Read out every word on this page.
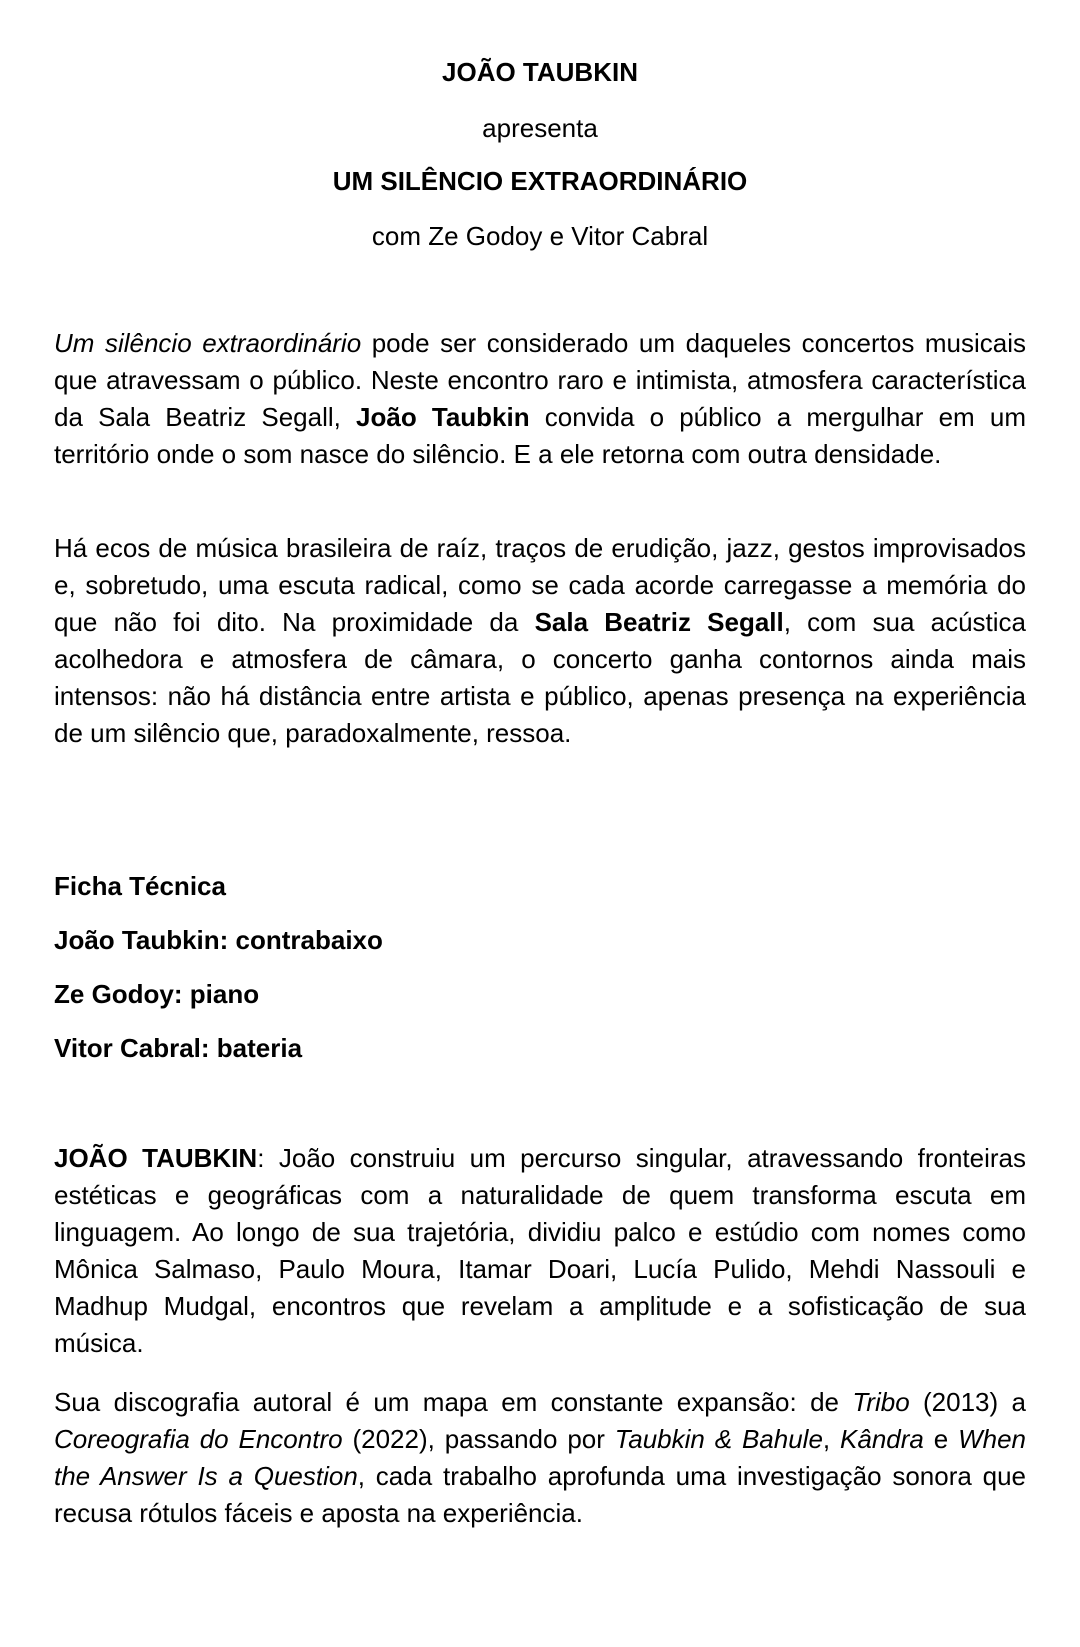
JOÃO TAUBKIN

apresenta

UM SILÊNCIO EXTRAORDINÁRIO

com Ze Godoy e Vitor Cabral

Um silêncio extraordinário pode ser considerado um daqueles concertos musicais que atravessam o público. Neste encontro raro e intimista, atmosfera característica da Sala Beatriz Segall, João Taubkin convida o público a mergulhar em um território onde o som nasce do silêncio. E a ele retorna com outra densidade.

Há ecos de música brasileira de raíz, traços de erudição, jazz, gestos improvisados e, sobretudo, uma escuta radical, como se cada acorde carregasse a memória do que não foi dito. Na proximidade da Sala Beatriz Segall, com sua acústica acolhedora e atmosfera de câmara, o concerto ganha contornos ainda mais intensos: não há distância entre artista e público, apenas presença na experiência de um silêncio que, paradoxalmente, ressoa.

Ficha Técnica

João Taubkin: contrabaixo

Ze Godoy: piano

Vitor Cabral: bateria

JOÃO TAUBKIN: João construiu um percurso singular, atravessando fronteiras estéticas e geográficas com a naturalidade de quem transforma escuta em linguagem. Ao longo de sua trajetória, dividiu palco e estúdio com nomes como Mônica Salmaso, Paulo Moura, Itamar Doari, Lucía Pulido, Mehdi Nassouli e Madhup Mudgal, encontros que revelam a amplitude e a sofisticação de sua música.

Sua discografia autoral é um mapa em constante expansão: de Tribo (2013) a Coreografia do Encontro (2022), passando por Taubkin & Bahule, Kândra e When the Answer Is a Question, cada trabalho aprofunda uma investigação sonora que recusa rótulos fáceis e aposta na experiência.
